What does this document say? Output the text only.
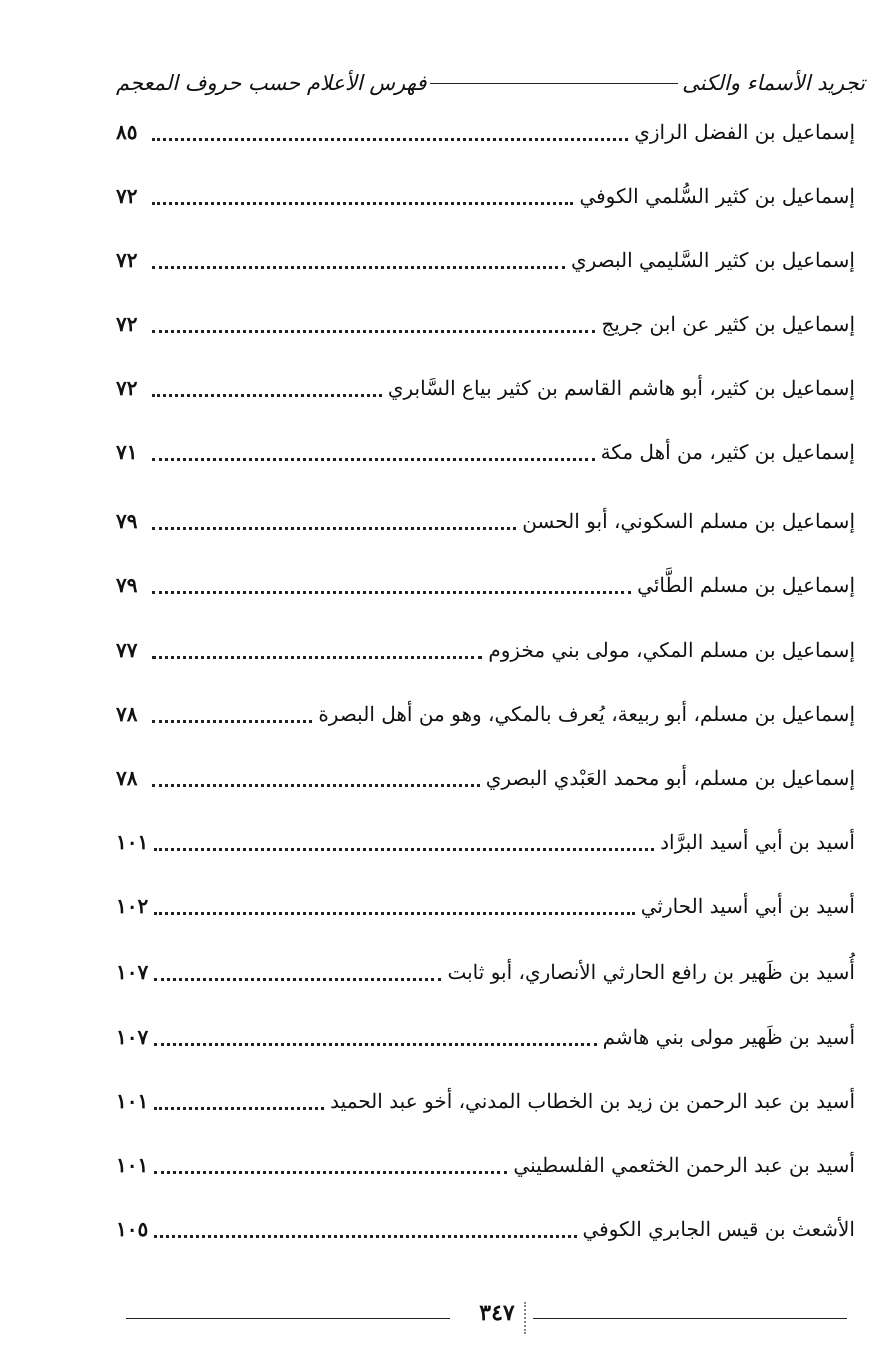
تجريد الأسماء والكنى
فهرس الأعلام حسب حروف المعجم
إسماعيل بن الفضل الرازي
٨٥
إسماعيل بن كثير السُّلمي الكوفي
٧٢
إسماعيل بن كثير السَّليمي البصري
٧٢
إسماعيل بن كثير عن ابن جريج
٧٢
إسماعيل بن كثير، أبو هاشم القاسم بن كثير بياع السَّابري
٧٢
إسماعيل بن كثير، من أهل مكة
٧١
إسماعيل بن مسلم السكوني، أبو الحسن
٧٩
إسماعيل بن مسلم الطَّائي
٧٩
إسماعيل بن مسلم المكي، مولى بني مخزوم
٧٧
إسماعيل بن مسلم، أبو ربيعة، يُعرف بالمكي، وهو من أهل البصرة
٧٨
إسماعيل بن مسلم، أبو محمد العَبْدي البصري
٧٨
أسيد بن أبي أسيد البرَّاد
١٠١
أسيد بن أبي أسيد الحارثي
١٠٢
أُسيد بن ظَهير بن رافع الحارثي الأنصاري، أبو ثابت
١٠٧
أسيد بن ظَهير مولى بني هاشم
١٠٧
أسيد بن عبد الرحمن بن زيد بن الخطاب المدني، أخو عبد الحميد
١٠١
أسيد بن عبد الرحمن الخثعمي الفلسطيني
١٠١
الأشعث بن قيس الجابري الكوفي
١٠٥
٣٤٧
